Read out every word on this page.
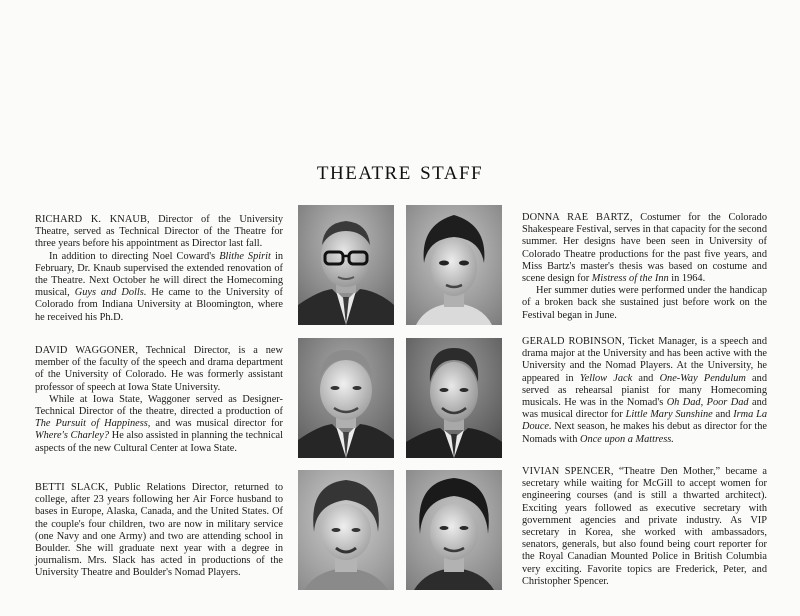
THEATRE STAFF

RICHARD K. KNAUB, Director of the University Theatre, served as Technical Director of the Theatre for three years before his appointment as Director last fall.

In addition to directing Noel Coward's Blithe Spirit in February, Dr. Knaub supervised the extended renovation of the Theatre. Next October he will direct the Homecoming musical, Guys and Dolls. He came to the University of Colorado from Indiana University at Bloomington, where he received his Ph.D.

DAVID WAGGONER, Technical Director, is a new member of the faculty of the speech and drama department of the University of Colorado. He was formerly assistant professor of speech at Iowa State University.

While at Iowa State, Waggoner served as Designer-Technical Director of the theatre, directed a production of The Pursuit of Happiness, and was musical director for Where's Charley? He also assisted in planning the technical aspects of the new Cultural Center at Iowa State.

BETTI SLACK, Public Relations Director, returned to college, after 23 years following her Air Force husband to bases in Europe, Alaska, Canada, and the United States. Of the couple's four children, two are now in military service (one Navy and one Army) and two are attending school in Boulder. She will graduate next year with a degree in journalism. Mrs. Slack has acted in productions of the University Theatre and Boulder's Nomad Players.

DONNA RAE BARTZ, Costumer for the Colorado Shakespeare Festival, serves in that capacity for the second summer. Her designs have been seen in University of Colorado Theatre productions for the past five years, and Miss Bartz's master's thesis was based on costume and scene design for Mistress of the Inn in 1964.

Her summer duties were performed under the handicap of a broken back she sustained just before work on the Festival began in June.

GERALD ROBINSON, Ticket Manager, is a speech and drama major at the University and has been active with the University and the Nomad Players. At the University, he appeared in Yellow Jack and One-Way Pendulum and served as rehearsal pianist for many Homecoming musicals. He was in the Nomad's Oh Dad, Poor Dad and was musical director for Little Mary Sunshine and Irma La Douce. Next season, he makes his debut as director for the Nomads with Once upon a Mattress.

VIVIAN SPENCER, “Theatre Den Mother,” became a secretary while waiting for McGill to accept women for engineering courses (and is still a thwarted architect). Exciting years followed as executive secretary with government agencies and private industry. As VIP secretary in Korea, she worked with ambassadors, senators, generals, but also found being court reporter for the Royal Canadian Mounted Police in British Columbia very exciting. Favorite topics are Frederick, Peter, and Christopher Spencer.
